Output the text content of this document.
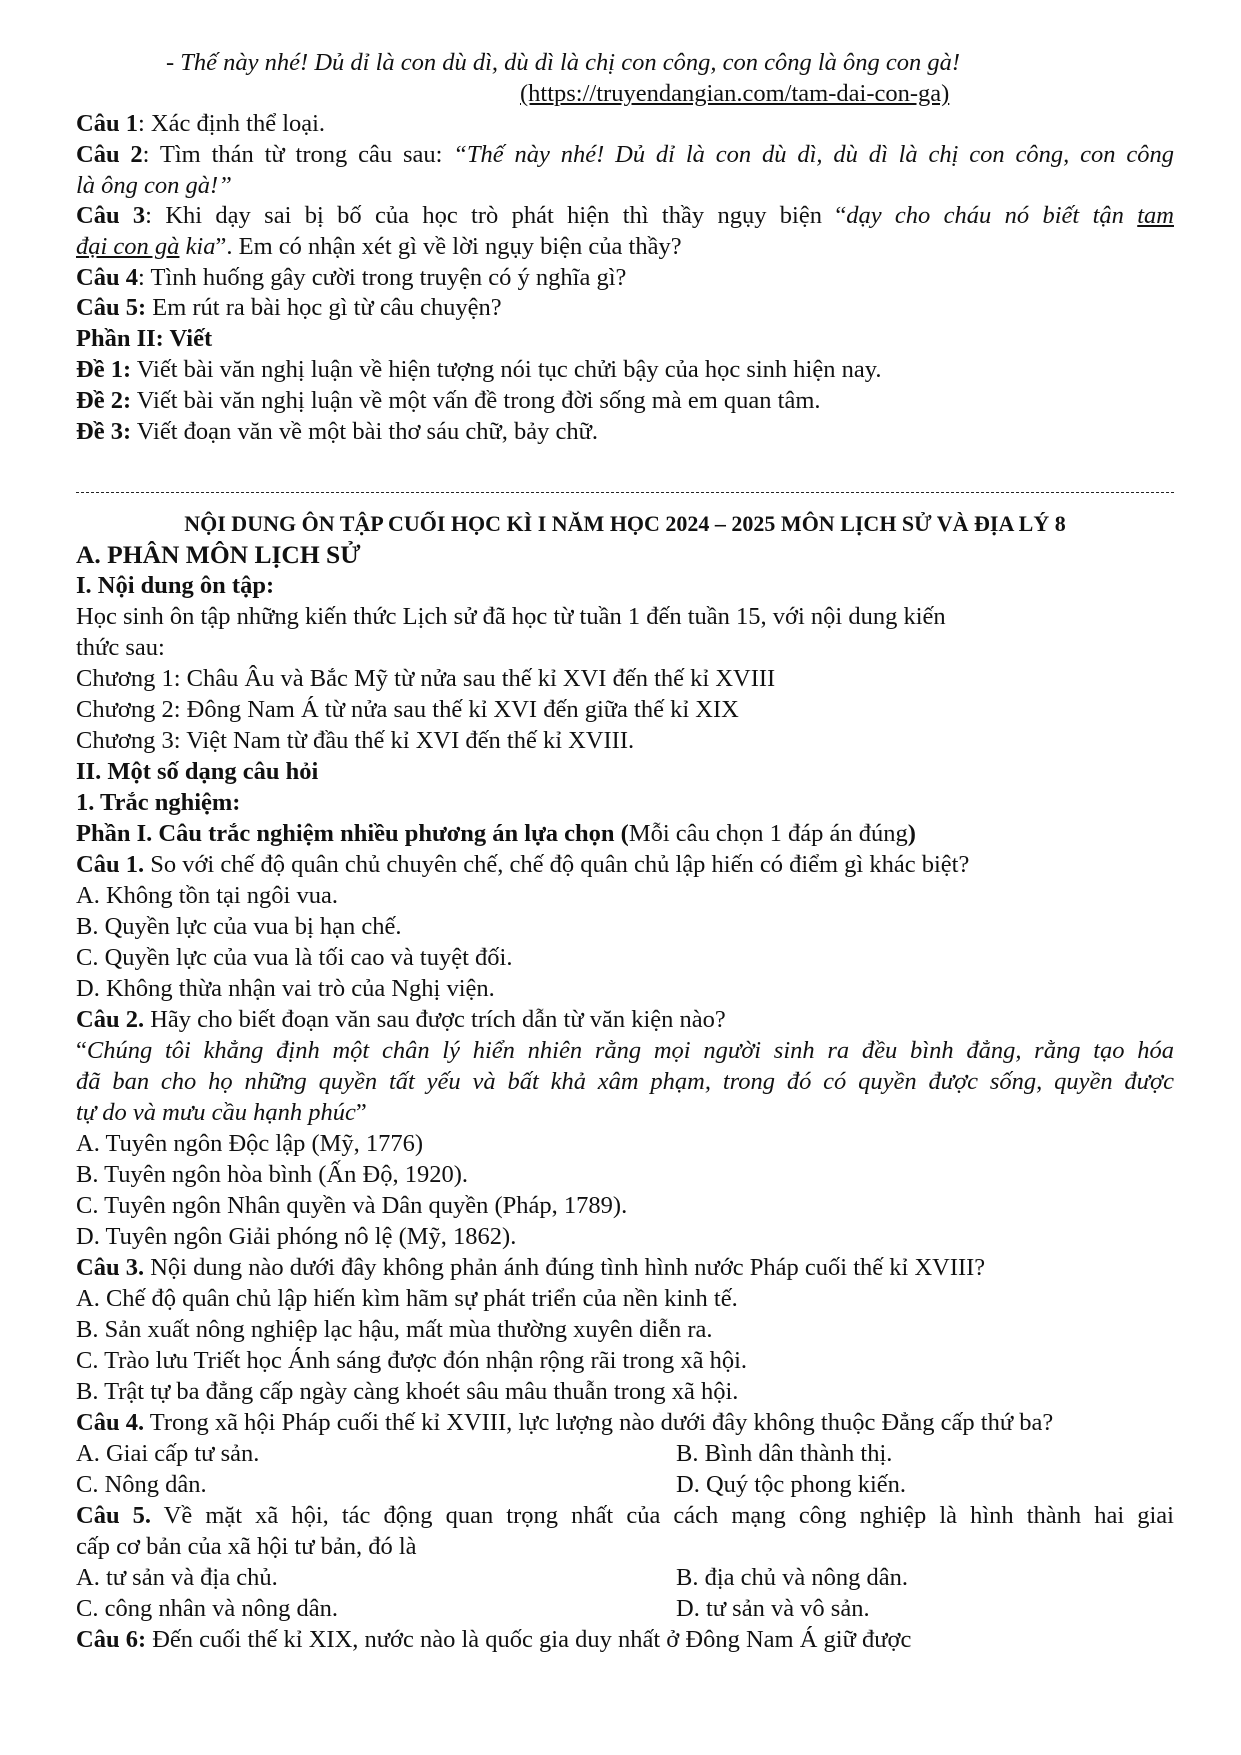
- Thế này nhé! Dủ dỉ là con dù dì, dù dì là chị con công, con công là ông con gà!
(https://truyendangian.com/tam-dai-con-ga)
Câu 1: Xác định thể loại.
Câu 2: Tìm thán từ trong câu sau: “Thế này nhé! Dủ dỉ là con dù dì, dù dì là chị con công, con công
là ông con gà!”
Câu 3: Khi dạy sai bị bố của học trò phát hiện thì thầy ngụy biện “dạy cho cháu nó biết tận tam
đại con gà kia”. Em có nhận xét gì về lời ngụy biện của thầy?
Câu 4: Tình huống gây cười trong truyện có ý nghĩa gì?
Câu 5: Em rút ra bài học gì từ câu chuyện?
Phần II: Viết
Đề 1: Viết bài văn nghị luận về hiện tượng nói tục chửi bậy của học sinh hiện nay.
Đề 2: Viết bài văn nghị luận về một vấn đề trong đời sống mà em quan tâm.
Đề 3: Viết đoạn văn về một bài thơ sáu chữ, bảy chữ.
NỘI DUNG ÔN TẬP CUỐI HỌC KÌ I NĂM HỌC 2024 – 2025 MÔN LỊCH SỬ VÀ ĐỊA LÝ 8
A. PHÂN MÔN LỊCH SỬ
I. Nội dung ôn tập:
Học sinh ôn tập những kiến thức Lịch sử đã học từ tuần 1 đến tuần 15, với nội dung kiến
thức sau:
Chương 1: Châu Âu và Bắc Mỹ từ nửa sau thế kỉ XVI đến thế kỉ XVIII
Chương 2: Đông Nam Á từ nửa sau thế kỉ XVI đến giữa thế kỉ XIX
Chương 3: Việt Nam từ đầu thế kỉ XVI đến thế kỉ XVIII.
II. Một số dạng câu hỏi
1. Trắc nghiệm:
Phần I. Câu trắc nghiệm nhiều phương án lựa chọn (Mỗi câu chọn 1 đáp án đúng)
Câu 1. So với chế độ quân chủ chuyên chế, chế độ quân chủ lập hiến có điểm gì khác biệt?
A. Không tồn tại ngôi vua.
B. Quyền lực của vua bị hạn chế.
C. Quyền lực của vua là tối cao và tuyệt đối.
D. Không thừa nhận vai trò của Nghị viện.
Câu 2. Hãy cho biết đoạn văn sau được trích dẫn từ văn kiện nào?
“Chúng tôi khẳng định một chân lý hiển nhiên rằng mọi người sinh ra đều bình đẳng, rằng tạo hóa
đã ban cho họ những quyền tất yếu và bất khả xâm phạm, trong đó có quyền được sống, quyền được
tự do và mưu cầu hạnh phúc”
A. Tuyên ngôn Độc lập (Mỹ, 1776)
B. Tuyên ngôn hòa bình (Ấn Độ, 1920).
C. Tuyên ngôn Nhân quyền và Dân quyền (Pháp, 1789).
D. Tuyên ngôn Giải phóng nô lệ (Mỹ, 1862).
Câu 3. Nội dung nào dưới đây không phản ánh đúng tình hình nước Pháp cuối thế kỉ XVIII?
A. Chế độ quân chủ lập hiến kìm hãm sự phát triển của nền kinh tế.
B. Sản xuất nông nghiệp lạc hậu, mất mùa thường xuyên diễn ra.
C. Trào lưu Triết học Ánh sáng được đón nhận rộng rãi trong xã hội.
B. Trật tự ba đẳng cấp ngày càng khoét sâu mâu thuẫn trong xã hội.
Câu 4. Trong xã hội Pháp cuối thế kỉ XVIII, lực lượng nào dưới đây không thuộc Đẳng cấp thứ ba?
A. Giai cấp tư sản.	B. Bình dân thành thị.
C. Nông dân.	D. Quý tộc phong kiến.
Câu 5. Về mặt xã hội, tác động quan trọng nhất của cách mạng công nghiệp là hình thành hai giai
cấp cơ bản của xã hội tư bản, đó là
A. tư sản và địa chủ.	B. địa chủ và nông dân.
C. công nhân và nông dân.	D. tư sản và vô sản.
Câu 6: Đến cuối thế kỉ XIX, nước nào là quốc gia duy nhất ở Đông Nam Á giữ được
